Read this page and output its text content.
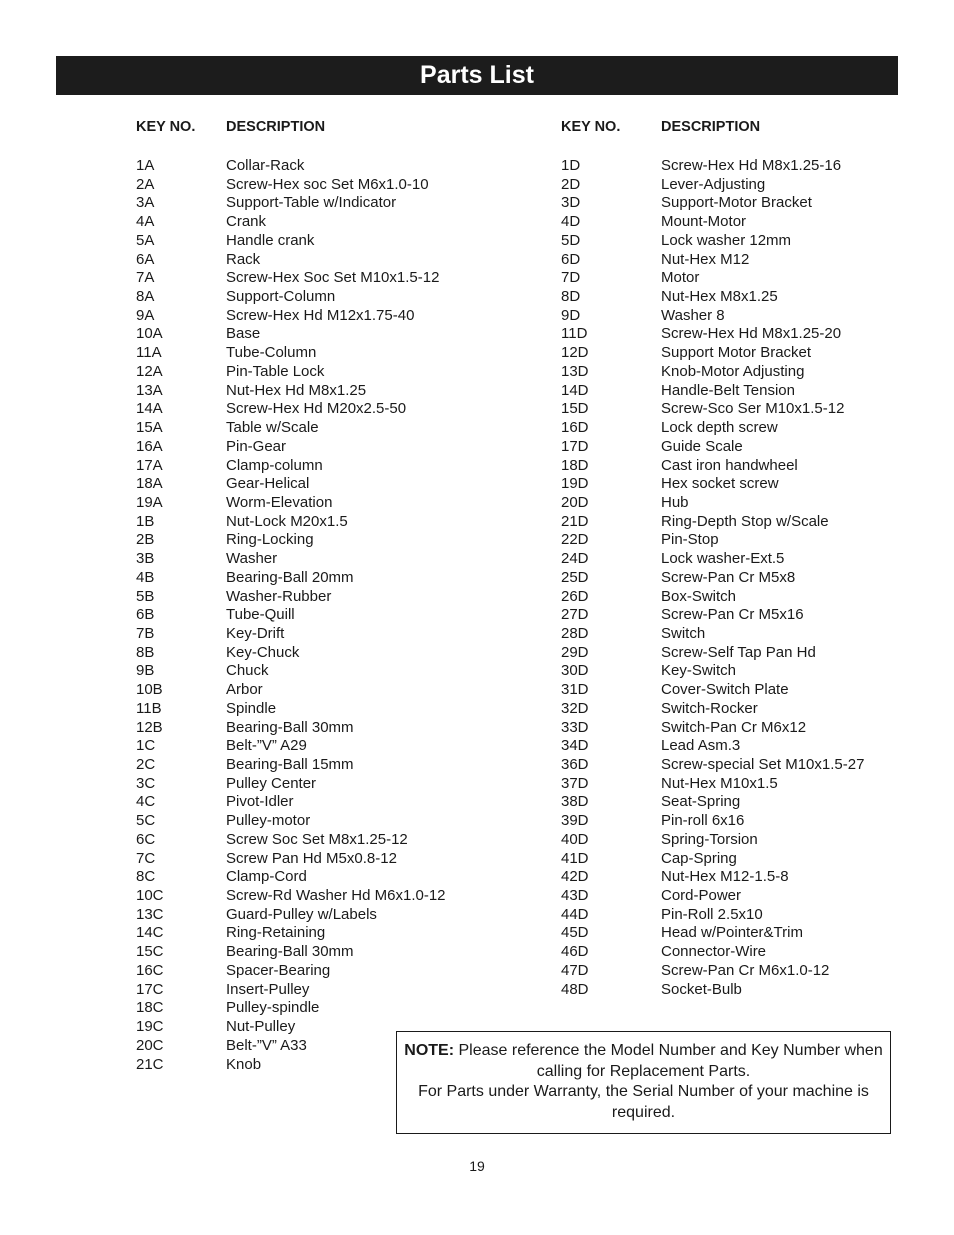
Parts List
KEY NO. DESCRIPTION	KEY NO.	DESCRIPTION
1A	Collar-Rack
2A	Screw-Hex soc Set M6x1.0-10
3A	Support-Table w/Indicator
4A	Crank
5A	Handle crank
6A	Rack
7A	Screw-Hex Soc Set M10x1.5-12
8A	Support-Column
9A	Screw-Hex Hd M12x1.75-40
10A	Base
11A	Tube-Column
12A	Pin-Table Lock
13A	Nut-Hex Hd M8x1.25
14A	Screw-Hex Hd M20x2.5-50
15A	Table w/Scale
16A	Pin-Gear
17A	Clamp-column
18A	Gear-Helical
19A	Worm-Elevation
1B	Nut-Lock M20x1.5
2B	Ring-Locking
3B	Washer
4B	Bearing-Ball 20mm
5B	Washer-Rubber
6B	Tube-Quill
7B	Key-Drift
8B	Key-Chuck
9B	Chuck
10B	Arbor
11B	Spindle
12B	Bearing-Ball 30mm
1C	Belt-”V” A29
2C	Bearing-Ball 15mm
3C	Pulley Center
4C	Pivot-Idler
5C	Pulley-motor
6C	Screw Soc Set M8x1.25-12
7C	Screw Pan Hd M5x0.8-12
8C	Clamp-Cord
10C	Screw-Rd Washer Hd M6x1.0-12
13C	Guard-Pulley w/Labels
14C	Ring-Retaining
15C	Bearing-Ball 30mm
16C	Spacer-Bearing
17C	Insert-Pulley
18C	Pulley-spindle
19C	Nut-Pulley
20C	Belt-”V” A33
21C	Knob
1D	Screw-Hex Hd M8x1.25-16
2D	Lever-Adjusting
3D	Support-Motor Bracket
4D	Mount-Motor
5D	Lock washer 12mm
6D	Nut-Hex M12
7D	Motor
8D	Nut-Hex M8x1.25
9D	Washer 8
11D	Screw-Hex Hd M8x1.25-20
12D	Support Motor Bracket
13D	Knob-Motor Adjusting
14D	Handle-Belt Tension
15D	Screw-Sco Ser M10x1.5-12
16D	Lock depth screw
17D	Guide Scale
18D	Cast iron handwheel
19D	Hex socket screw
20D	Hub
21D	Ring-Depth Stop w/Scale
22D	Pin-Stop
24D	Lock washer-Ext.5
25D	Screw-Pan Cr M5x8
26D	Box-Switch
27D	Screw-Pan Cr M5x16
28D	Switch
29D	Screw-Self Tap Pan Hd
30D	Key-Switch
31D	Cover-Switch Plate
32D	Switch-Rocker
33D	Switch-Pan Cr M6x12
34D	Lead Asm.3
36D	Screw-special Set M10x1.5-27
37D	Nut-Hex M10x1.5
38D	Seat-Spring
39D	Pin-roll 6x16
40D	Spring-Torsion
41D	Cap-Spring
42D	Nut-Hex M12-1.5-8
43D	Cord-Power
44D	Pin-Roll 2.5x10
45D	Head w/Pointer&Trim
46D	Connector-Wire
47D	Screw-Pan Cr M6x1.0-12
48D	Socket-Bulb
NOTE: Please reference the Model Number and Key Number when calling for Replacement Parts.
For Parts under Warranty, the Serial Number of your machine is required.
19
